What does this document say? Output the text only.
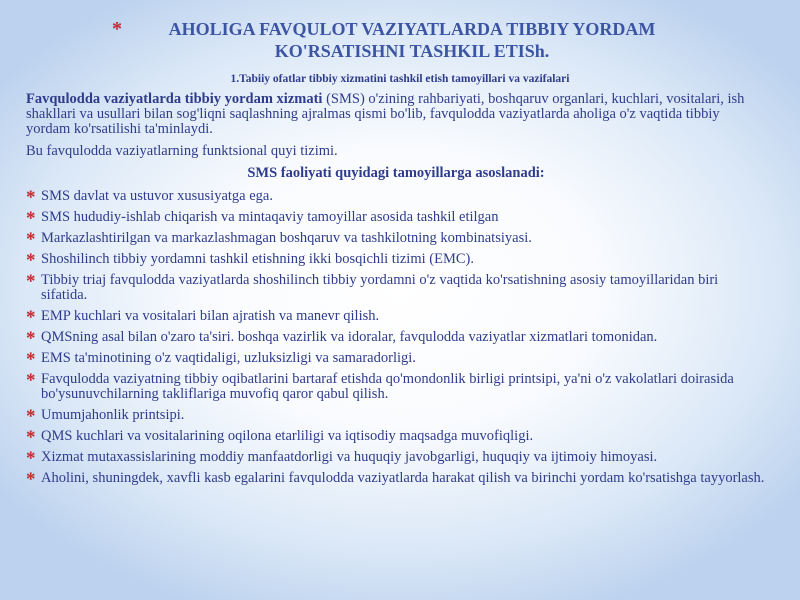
*	AHOLIGA FAVQULOT VAZIYATLARDA TIBBIY YORDAM

KO'RSATISHNI TASHKIL ETISh.

1.Tabiiy ofatlar tibbiy xizmatini tashkil etish tamoyillari va vazifalari

Favqulodda vaziyatlarda tibbiy yordam xizmati (SMS) o'zining rahbariyati, boshqaruv organlari, kuchlari, vositalari, ish shakllari va usullari bilan sog'liqni saqlashning ajralmas qismi bo'lib, favqulodda vaziyatlarda aholiga o'z vaqtida tibbiy yordam ko'rsatilishi ta'minlaydi.

Bu favqulodda vaziyatlarning funktsional quyi tizimi.

SMS faoliyati quyidagi tamoyillarga asoslanadi:

* SMS davlat va ustuvor xususiyatga ega.
* SMS hududiy-ishlab chiqarish va mintaqaviy tamoyillar asosida tashkil etilgan
* Markazlashtirilgan va markazlashmagan boshqaruv va tashkilotning kombinatsiyasi.
* Shoshilinch tibbiy yordamni tashkil etishning ikki bosqichli tizimi (EMC).
* Tibbiy triaj favqulodda vaziyatlarda shoshilinch tibbiy yordamni o'z vaqtida ko'rsatishning asosiy tamoyillaridan biri sifatida.
* EMP kuchlari va vositalari bilan ajratish va manevr qilish.
* QMSning asal bilan o'zaro ta'siri. boshqa vazirlik va idoralar, favqulodda vaziyatlar xizmatlari tomonidan.
* EMS ta'minotining o'z vaqtidaligi, uzluksizligi va samaradorligi.
* Favqulodda vaziyatning tibbiy oqibatlarini bartaraf etishda qo'mondonlik birligi printsipi, ya'ni o'z vakolatlari doirasida bo'ysunuvchilarning takliflariga muvofiq qaror qabul qilish.
* Umumjahonlik printsipi.
* QMS kuchlari va vositalarining oqilona etarliligi va iqtisodiy maqsadga muvofiqligi.
* Xizmat mutaxassislarining moddiy manfaatdorligi va huquqiy javobgarligi, huquqiy va ijtimoiy himoyasi.
* Aholini, shuningdek, xavfli kasb egalarini favqulodda vaziyatlarda harakat qilish va birinchi yordam ko'rsatishga tayyorlash.
